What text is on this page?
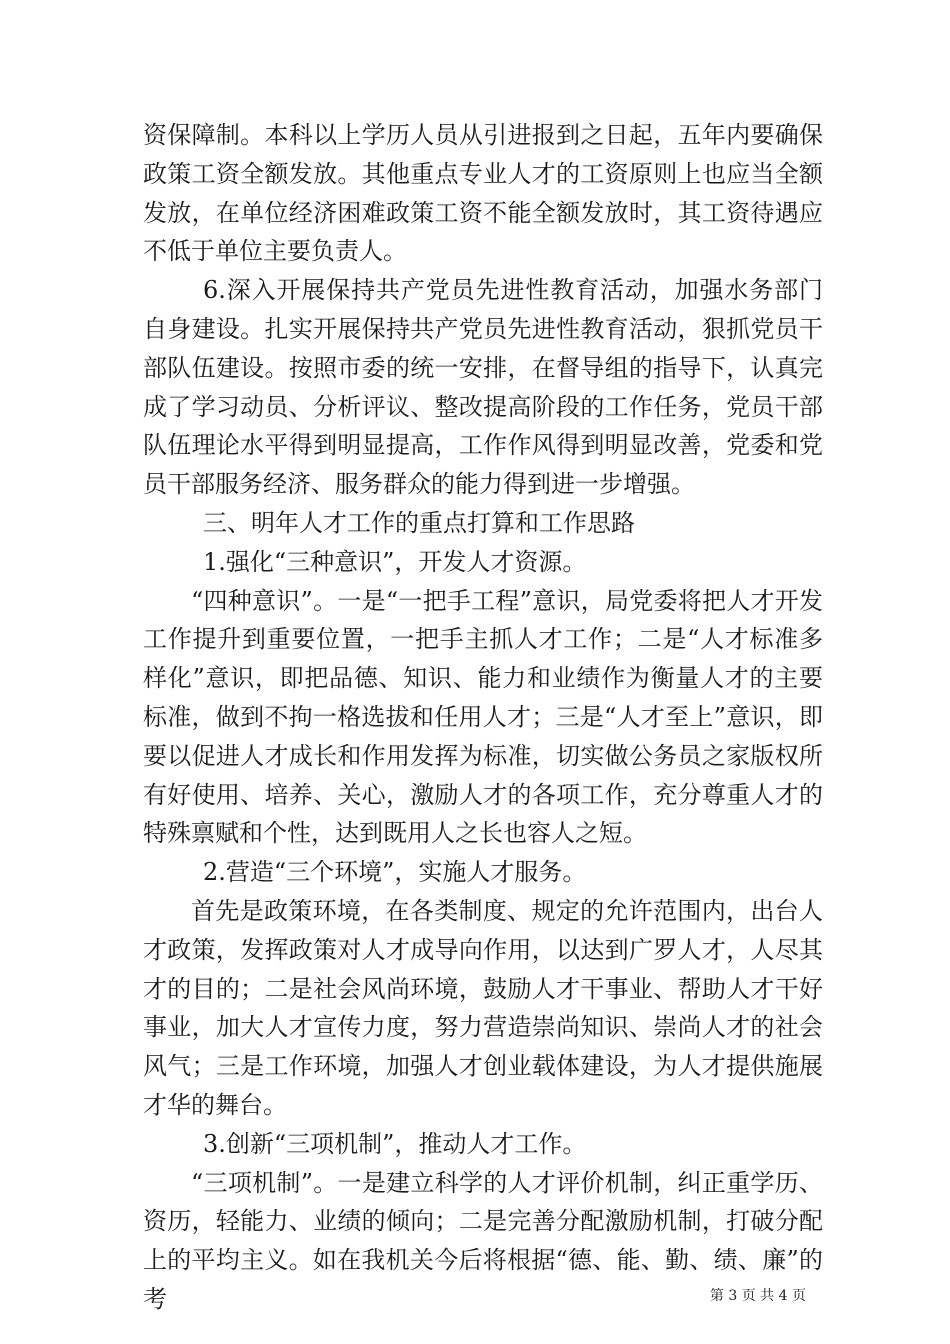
资保障制。本科以上学历人员从引进报到之日起，五年内要确保政策工资全额发放。其他重点专业人才的工资原则上也应当全额发放，在单位经济困难政策工资不能全额发放时，其工资待遇应不低于单位主要负责人。

6.深入开展保持共产党员先进性教育活动，加强水务部门自身建设。扎实开展保持共产党员先进性教育活动，狠抓党员干部队伍建设。按照市委的统一安排，在督导组的指导下，认真完成了学习动员、分析评议、整改提高阶段的工作任务，党员干部队伍理论水平得到明显提高，工作作风得到明显改善，党委和党员干部服务经济、服务群众的能力得到进一步增强。

三、明年人才工作的重点打算和工作思路

1.强化“三种意识”，开发人才资源。

“四种意识”。一是“一把手工程”意识，局党委将把人才开发工作提升到重要位置，一把手主抓人才工作；二是“人才标准多样化”意识，即把品德、知识、能力和业绩作为衡量人才的主要标准，做到不拘一格选拔和任用人才；三是“人才至上”意识，即要以促进人才成长和作用发挥为标准，切实做公务员之家版权所有好使用、培养、关心，激励人才的各项工作，充分尊重人才的特殊禀赋和个性，达到既用人之长也容人之短。

2.营造“三个环境”，实施人才服务。

首先是政策环境，在各类制度、规定的允许范围内，出台人才政策，发挥政策对人才成导向作用，以达到广罗人才，人尽其才的目的；二是社会风尚环境，鼓励人才干事业、帮助人才干好事业，加大人才宣传力度，努力营造崇尚知识、崇尚人才的社会风气；三是工作环境，加强人才创业载体建设，为人才提供施展才华的舞台。

3.创新“三项机制”，推动人才工作。

“三项机制”。一是建立科学的人才评价机制，纠正重学历、资历，轻能力、业绩的倾向；二是完善分配激励机制，打破分配上的平均主义。如在我机关今后将根据“德、能、勤、绩、廉”的考	第 3 页 共 4 页
